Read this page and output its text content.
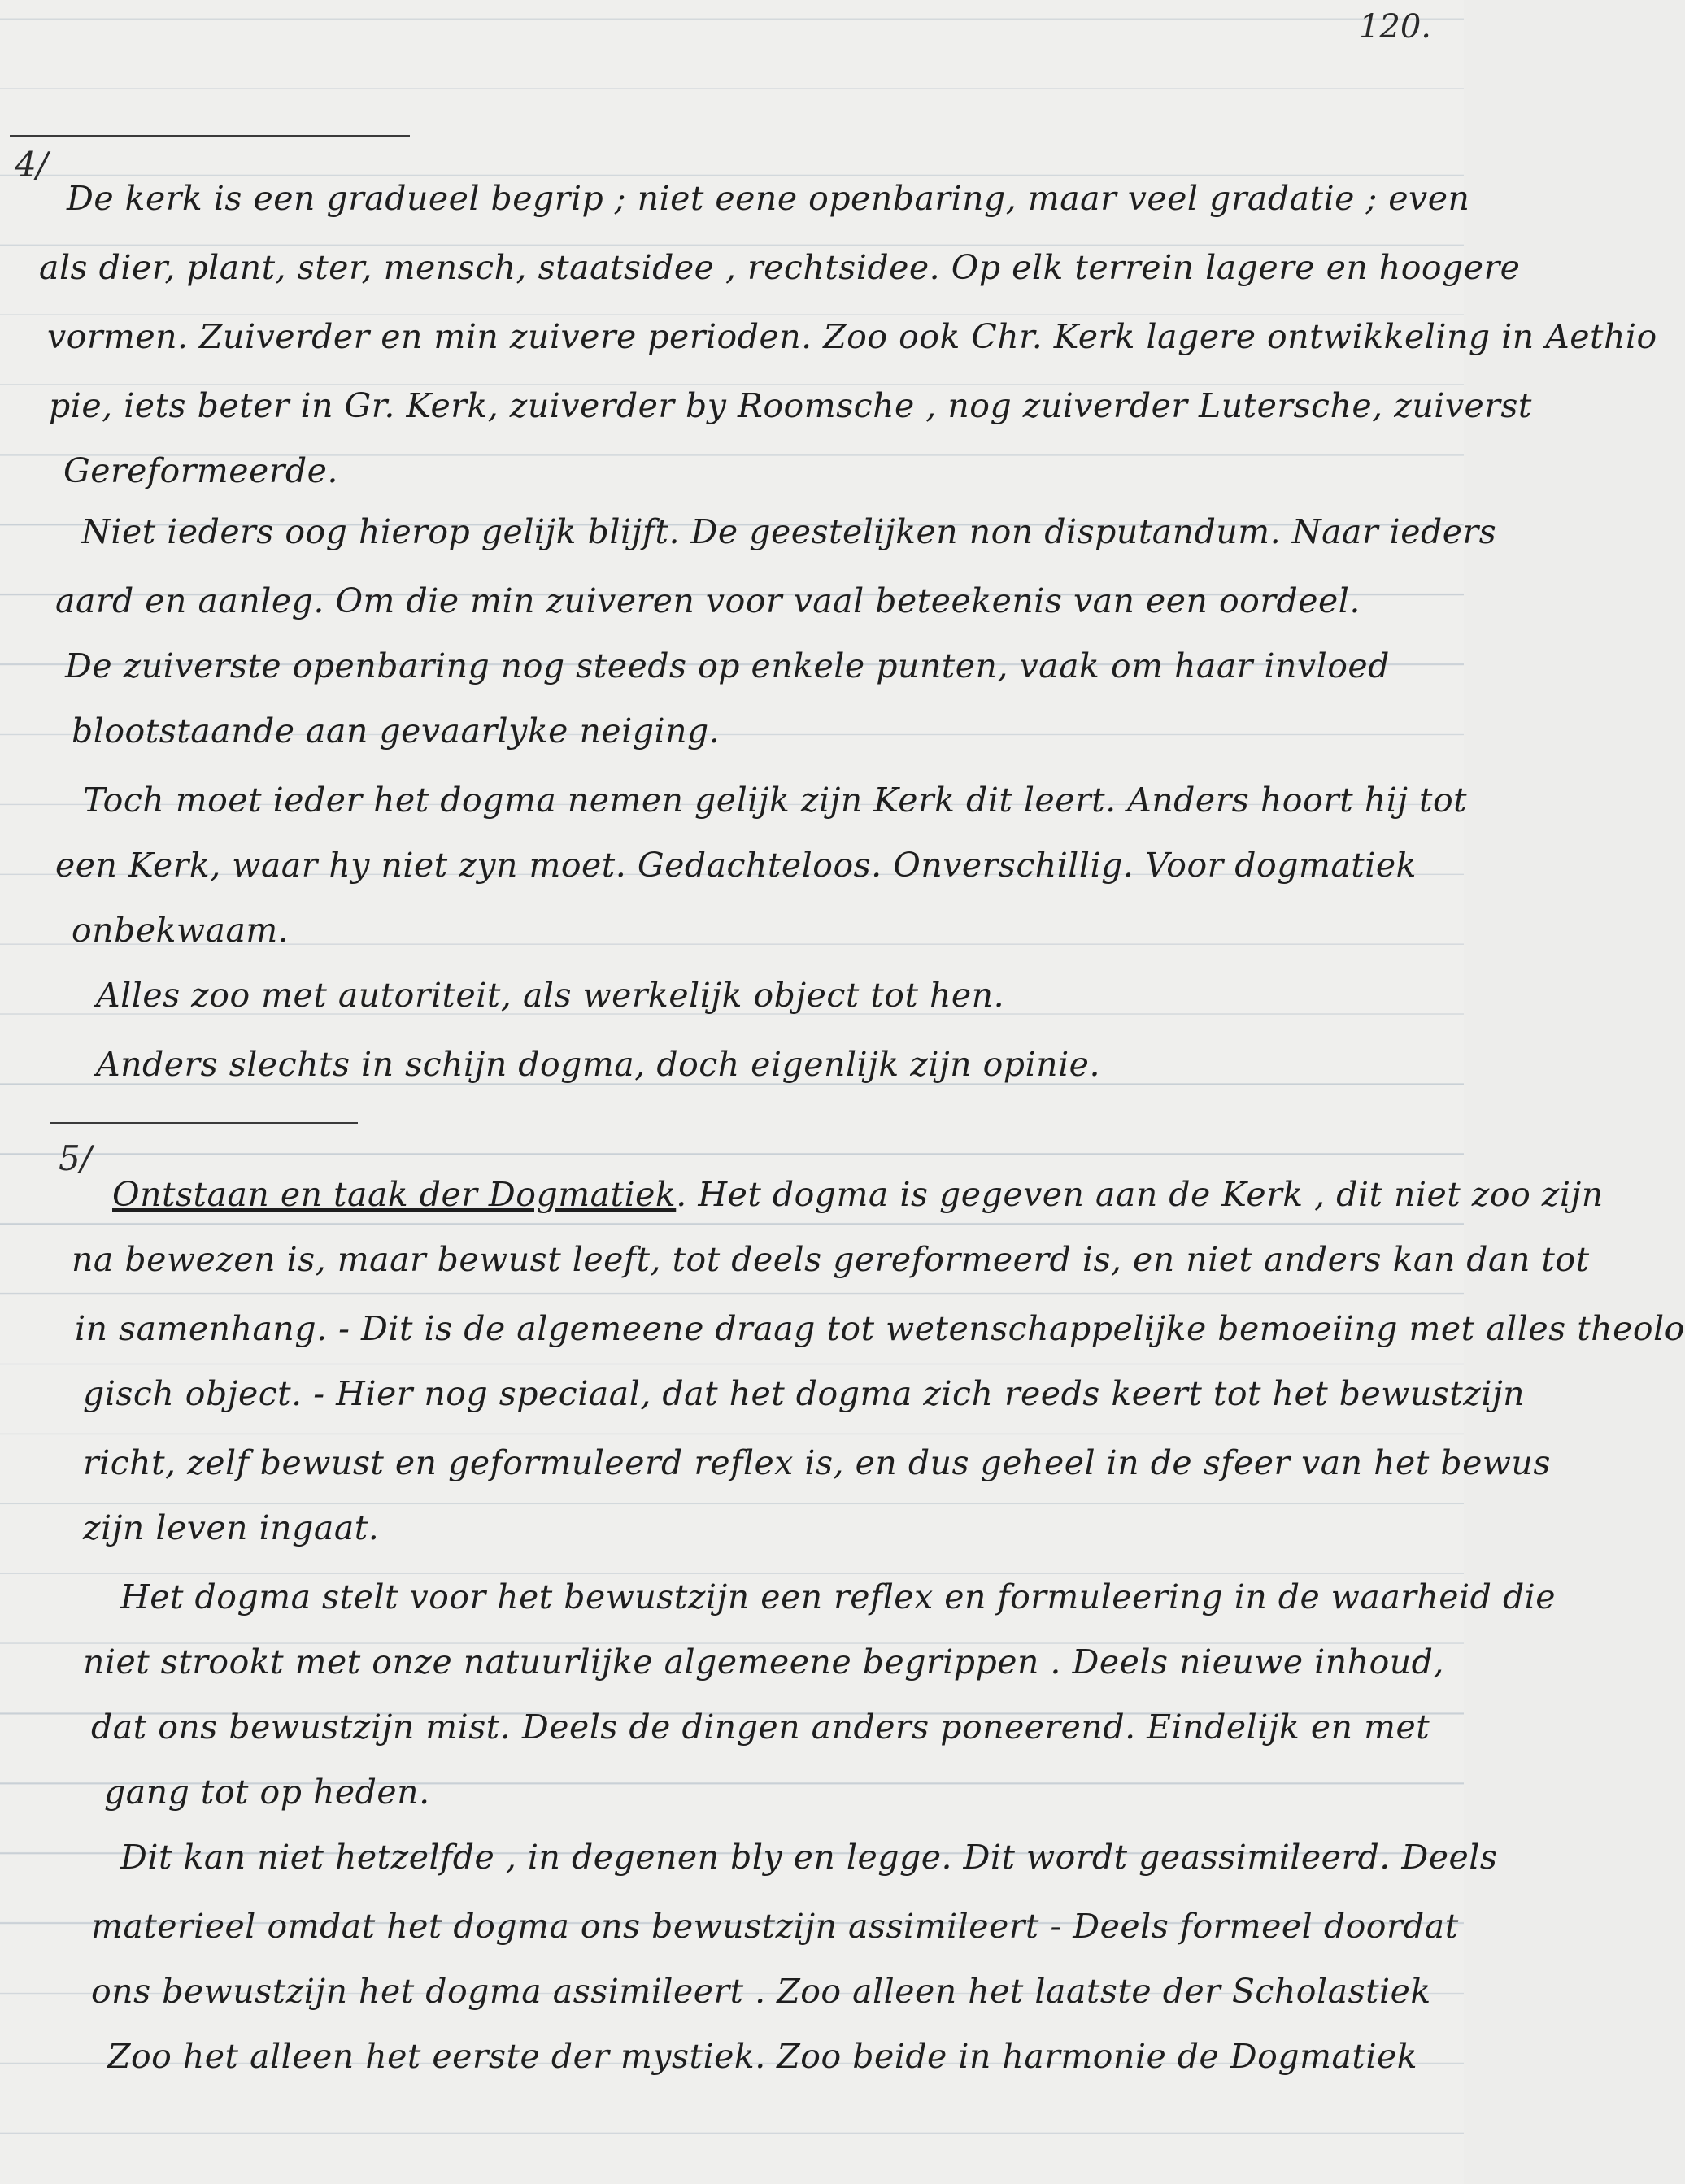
120.
4/
De kerk is een gradueel begrip ; niet eene openbaring, maar veel gradatie ; even
als dier, plant, ster, mensch, staatsidee , rechtsidee. Op elk terrein lagere en hoogere
vormen. Zuiverder en min zuivere perioden. Zoo ook Chr. Kerk lagere ontwikkeling in Aethio
pie, iets beter in Gr. Kerk, zuiverder by Roomsche , nog zuiverder Lutersche, zuiverst
Gereformeerde.
Niet ieders oog hierop gelijk blijft. De geestelijken non disputandum. Naar ieders
aard en aanleg. Om die min zuiveren voor vaal beteekenis van een oordeel.
De zuiverste openbaring nog steeds op enkele punten, vaak om haar invloed
blootstaande aan gevaarlyke neiging.
Toch moet ieder het dogma nemen gelijk zijn Kerk dit leert. Anders hoort hij tot
een Kerk, waar hy niet zyn moet. Gedachteloos. Onverschillig. Voor dogmatiek
onbekwaam.
Alles zoo met autoriteit, als werkelijk object tot hen.
Anders slechts in schijn dogma, doch eigenlijk zijn opinie.
5/
Ontstaan en taak der Dogmatiek. Het dogma is gegeven aan de Kerk , dit niet zoo zijn
na bewezen is, maar bewust leeft, tot deels gereformeerd is, en niet anders kan dan tot
in samenhang. - Dit is de algemeene draag tot wetenschappelijke bemoeiing met alles theolo
gisch object. - Hier nog speciaal, dat het dogma zich reeds keert tot het bewustzijn
richt, zelf bewust en geformuleerd reflex is, en dus geheel in de sfeer van het bewus
zijn leven ingaat.
Het dogma stelt voor het bewustzijn een reflex en formuleering in de waarheid die
niet strookt met onze natuurlijke algemeene begrippen . Deels nieuwe inhoud,
dat ons bewustzijn mist. Deels de dingen anders poneerend. Eindelijk en met
gang tot op heden.
Dit kan niet hetzelfde , in degenen bly en legge. Dit wordt geassimileerd. Deels
materieel omdat het dogma ons bewustzijn assimileert - Deels formeel doordat
ons bewustzijn het dogma assimileert . Zoo alleen het laatste der Scholastiek
Zoo het alleen het eerste der mystiek. Zoo beide in harmonie de Dogmatiek
